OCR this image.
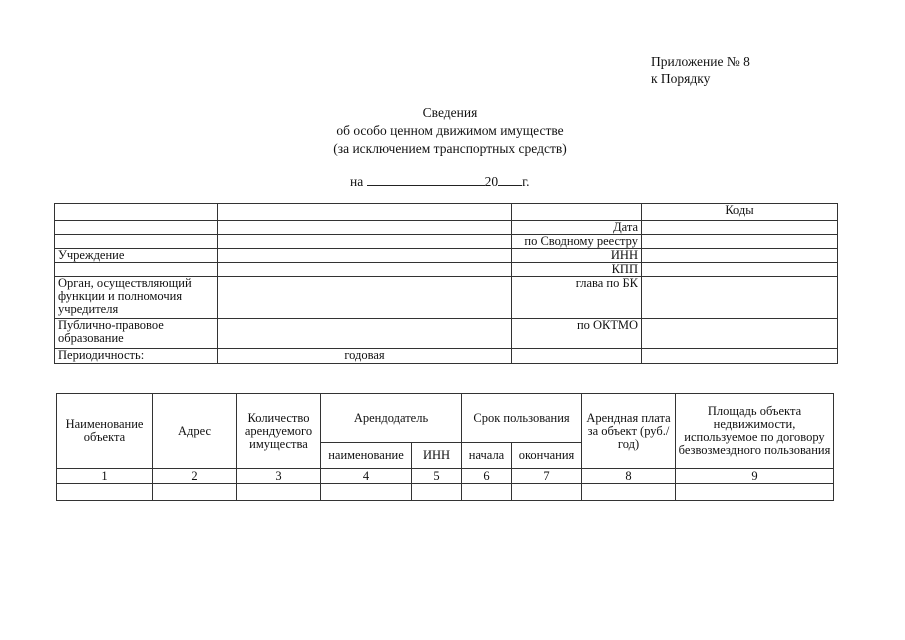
Приложение № 8
к Порядку
Сведения
об особо ценном движимом имуществе
(за исключением транспортных средств)
на	20 г.
			Коды
		Дата	
		по Сводному реестру	
Учреждение		ИНН	
		КПП	
Орган, осуществляющий функции и полномочия учредителя		глава по БК	
Публично-правовое образование		по ОКТМО	
Периодичность:	годовая		
Наименование объекта	Адрес	Количество арендуемого имущества	Арендодатель		Срок пользования		Арендная плата за объект (руб./год)	Площадь объекта недвижимости, используемое по договору безвозмездного пользования
			наименование	ИНН	начала	окончания		
1	2	3	4	5	6	7	8	9
